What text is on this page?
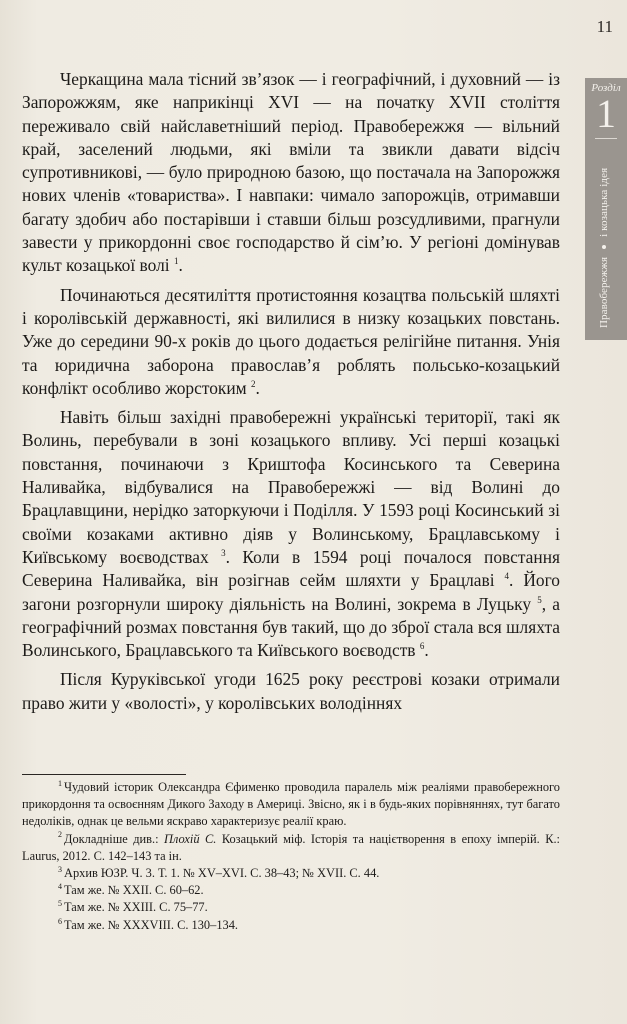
11
Розділ
1
Правобережжяі козацька ідея

Черкащина мала тісний зв’язок — і географічний, і духовний — із Запорожжям, яке наприкінці XVI — на початку XVII століття переживало свій найславетніший період. Правобережжя — вільний край, заселений людьми, які вміли та звикли давати відсіч супротивникові, — було природною базою, що постачала на Запорожжя нових членів «товариства». І навпаки: чимало запорожців, отримавши багату здобич або постарівши і ставши більш розсудливими, прагнули завести у прикордонні своє господарство й сім’ю. У регіоні домінував культ козацької волі $^1$.

Починаються десятиліття протистояння козацтва польській шляхті і королівській державності, які вилилися в низку козацьких повстань. Уже до середини 90-х років до цього додається релігійне питання. Унія та юридична заборона православ’я роблять польсько-козацький конфлікт особливо жорстоким $^2$.

Навіть більш західні правобережні українські території, такі як Волинь, перебували в зоні козацького впливу. Усі перші козацькі повстання, починаючи з Криштофа Косинського та Северина Наливайка, відбувалися на Правобережжі — від Волині до Брацлавщини, нерідко заторкуючи і Поділля. У 1593 році Косинський зі своїми козаками активно діяв у Волинському, Брацлавському і Київському воєводствах $^3$. Коли в 1594 році почалося повстання Северина Наливайка, він розігнав сейм шляхти у Брацлаві $^4$. Його загони розгорнули широку діяльність на Волині, зокрема в Луцьку $^5$, а географічний розмах повстання був такий, що до зброї стала вся шляхта Волинського, Брацлавського та Київського воєводств $^6$.

Після Куруківської угоди 1625 року реєстрові козаки отримали право жити у «волості», у королівських володіннях

$^1$ Чудовий історик Олександра Єфименко проводила паралель між реаліями правобережного прикордоння та освоєнням Дикого Заходу в Америці. Звісно, як і в будь-яких порівняннях, тут багато недоліків, однак це вельми яскраво характеризує реалії краю.

$^2$ Докладніше див.: Плохій С. Козацький міф. Історія та націєтворення в епоху імперій. К.: Laurus, 2012. С. 142–143 та ін.

$^3$ Архив ЮЗР. Ч. 3. Т. 1. № XV–XVI. С. 38–43; № XVII. С. 44.

$^4$ Там же. № XXII. С. 60–62.

$^5$ Там же. № XXIII. С. 75–77.

$^6$ Там же. № XXXVIII. С. 130–134.
